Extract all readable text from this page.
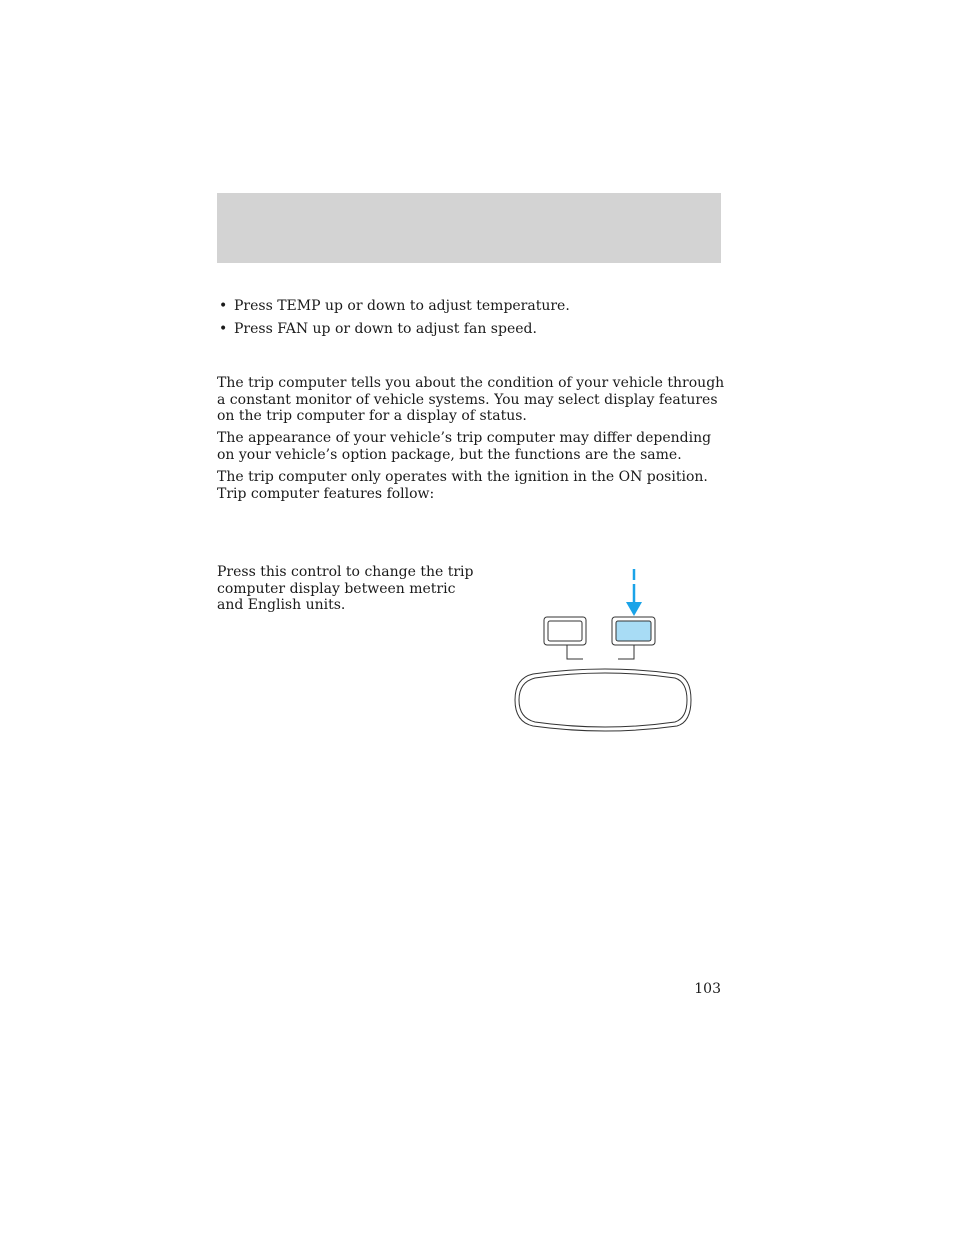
• Press TEMP up or down to adjust temperature.
• Press FAN up or down to adjust fan speed.

The trip computer tells you about the condition of your vehicle through a constant monitor of vehicle systems. You may select display features on the trip computer for a display of status.

The appearance of your vehicle’s trip computer may differ depending on your vehicle’s option package, but the functions are the same.

The trip computer only operates with the ignition in the ON position. Trip computer features follow:

Press this control to change the trip computer display between metric and English units.

103
